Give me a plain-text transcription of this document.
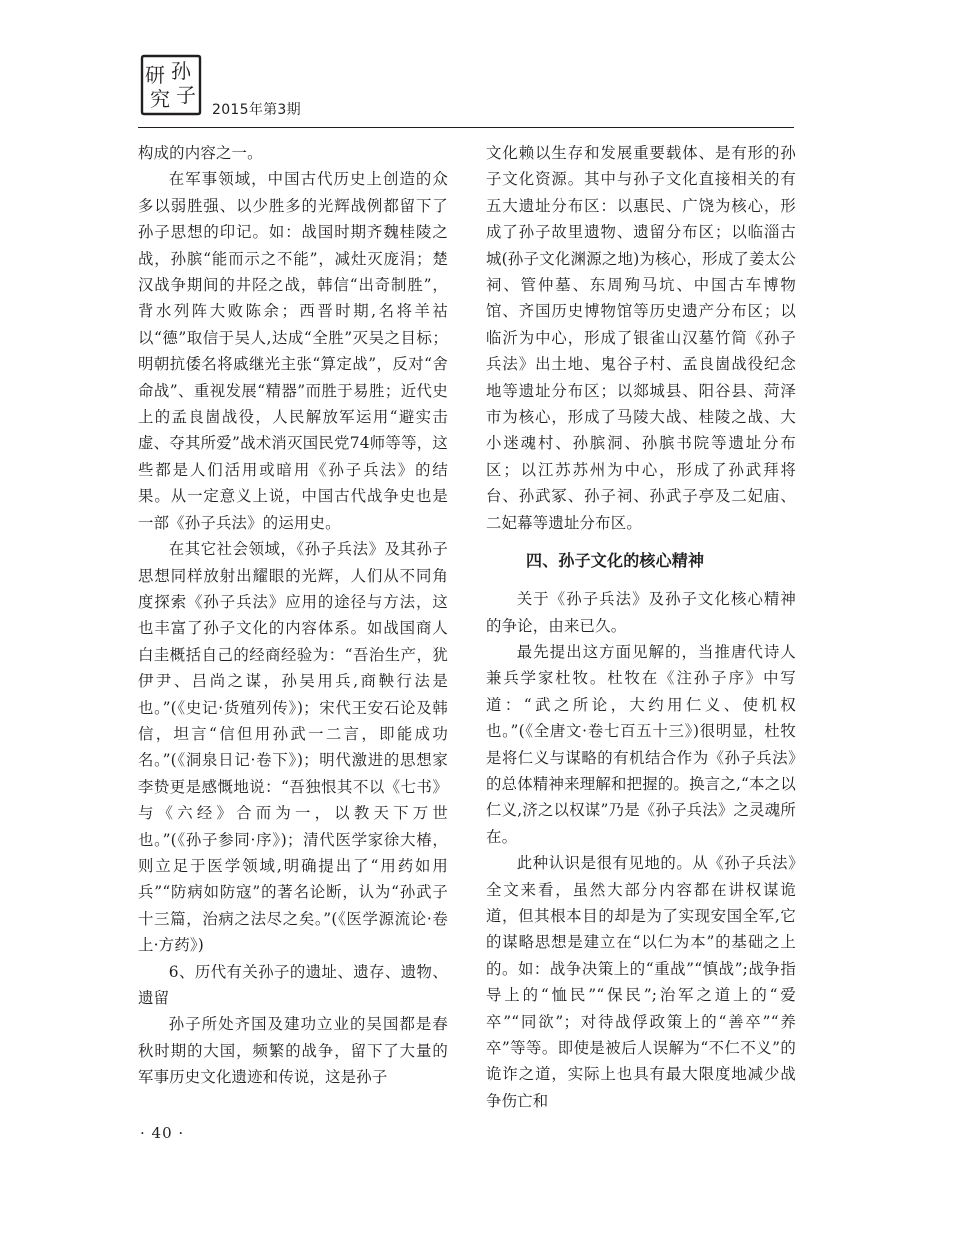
孙
子
研
究	2015年第3期

构成的内容之一。

在军事领域，中国古代历史上创造的众多以弱胜强、以少胜多的光辉战例都留下了孙子思想的印记。如：战国时期齐魏桂陵之战，孙膑“能而示之不能”，减灶灭庞涓；楚汉战争期间的井陉之战，韩信“出奇制胜”，背水列阵大败陈余；西晋时期,名将羊祜以“德”取信于吴人,达成“全胜”灭吴之目标；明朝抗倭名将戚继光主张“算定战”，反对“舍命战”、重视发展“精器”而胜于易胜；近代史上的孟良崮战役，人民解放军运用“避实击虚、夺其所爱”战术消灭国民党74师等等，这些都是人们活用或暗用《孙子兵法》的结果。从一定意义上说，中国古代战争史也是一部《孙子兵法》的运用史。

在其它社会领域，《孙子兵法》及其孙子思想同样放射出耀眼的光辉，人们从不同角度探索《孙子兵法》应用的途径与方法，这也丰富了孙子文化的内容体系。如战国商人白圭概括自己的经商经验为：“吾治生产，犹伊尹、吕尚之谋，孙吴用兵,商鞅行法是也。”(《史记·货殖列传》)；宋代王安石论及韩信，坦言“信但用孙武一二言，即能成功名。”(《洞泉日记·卷下》)；明代激进的思想家李贽更是感慨地说：“吾独恨其不以《七书》与《六经》合而为一，以教天下万世也。”(《孙子参同·序》)；清代医学家徐大椿，则立足于医学领域,明确提出了“用药如用兵”“防病如防寇”的著名论断，认为“孙武子十三篇，治病之法尽之矣。”(《医学源流论·卷上·方药》)

6、历代有关孙子的遗址、遗存、遗物、遗留

孙子所处齐国及建功立业的吴国都是春秋时期的大国，频繁的战争，留下了大量的军事历史文化遗迹和传说，这是孙子

文化赖以生存和发展重要载体、是有形的孙子文化资源。其中与孙子文化直接相关的有五大遗址分布区：以惠民、广饶为核心，形成了孙子故里遗物、遗留分布区；以临淄古城(孙子文化渊源之地)为核心，形成了姜太公祠、管仲墓、东周殉马坑、中国古车博物馆、齐国历史博物馆等历史遗产分布区；以临沂为中心，形成了银雀山汉墓竹简《孙子兵法》出土地、鬼谷子村、孟良崮战役纪念地等遗址分布区；以郯城县、阳谷县、菏泽市为核心，形成了马陵大战、桂陵之战、大小迷魂村、孙膑洞、孙膑书院等遗址分布区；以江苏苏州为中心，形成了孙武拜将台、孙武冢、孙子祠、孙武子亭及二妃庙、二妃幕等遗址分布区。

四、孙子文化的核心精神

关于《孙子兵法》及孙子文化核心精神的争论，由来已久。

最先提出这方面见解的，当推唐代诗人兼兵学家杜牧。杜牧在《注孙子序》中写道：“武之所论，大约用仁义、使机权也。”(《全唐文·卷七百五十三》)很明显，杜牧是将仁义与谋略的有机结合作为《孙子兵法》的总体精神来理解和把握的。换言之,“本之以仁义,济之以权谋”乃是《孙子兵法》之灵魂所在。

此种认识是很有见地的。从《孙子兵法》全文来看，虽然大部分内容都在讲权谋诡道，但其根本目的却是为了实现安国全军,它的谋略思想是建立在“以仁为本”的基础之上的。如：战争决策上的“重战”“慎战”;战争指导上的“恤民”“保民”;治军之道上的“爱卒”“同欲”；对待战俘政策上的“善卒”“养卒”等等。即使是被后人误解为“不仁不义”的诡诈之道，实际上也具有最大限度地减少战争伤亡和

· 40 ·
